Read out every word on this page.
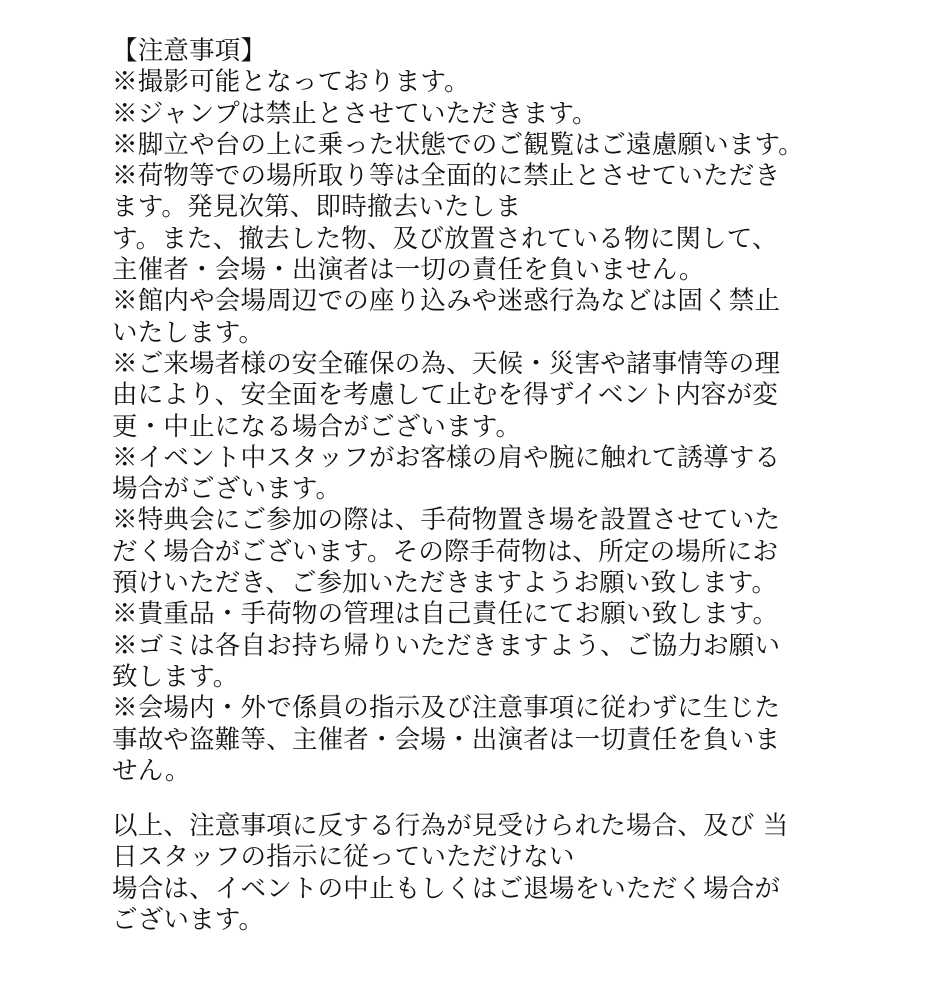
【注意事項】
※撮影可能となっております。
※ジャンプは禁止とさせていただきます。
※脚立や台の上に乗った状態でのご観覧はご遠慮願います。
※荷物等での場所取り等は全面的に禁止とさせていただき
ます。発見次第、即時撤去いたしま
す。また、撤去した物、及び放置されている物に関して、
主催者・会場・出演者は一切の責任を負いません。
※館内や会場周辺での座り込みや迷惑行為などは固く禁止
いたします。
※ご来場者様の安全確保の為、天候・災害や諸事情等の理
由により、安全面を考慮して止むを得ずイベント内容が変
更・中止になる場合がございます。
※イベント中スタッフがお客様の肩や腕に触れて誘導する
場合がございます。
※特典会にご参加の際は、手荷物置き場を設置させていた
だく場合がございます。その際手荷物は、所定の場所にお
預けいただき、ご参加いただきますようお願い致します。
※貴重品・手荷物の管理は自己責任にてお願い致します。
※ゴミは各自お持ち帰りいただきますよう、ご協力お願い
致します。
※会場内・外で係員の指示及び注意事項に従わずに生じた
事故や盗難等、主催者・会場・出演者は一切責任を負いま
せん。
以上、注意事項に反する行為が見受けられた場合、及び 当
日スタッフの指示に従っていただけない
場合は、イベントの中止もしくはご退場をいただく場合が
ございます。
